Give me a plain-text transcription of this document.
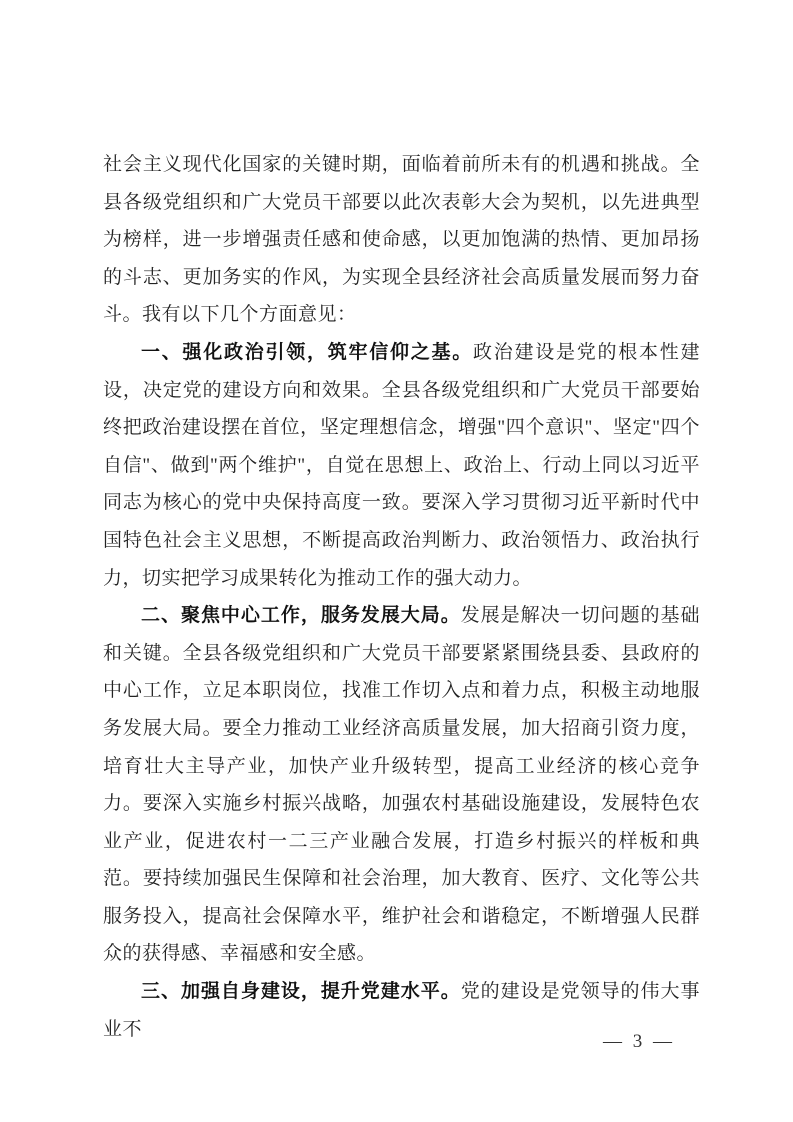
社会主义现代化国家的关键时期，面临着前所未有的机遇和挑战。全县各级党组织和广大党员干部要以此次表彰大会为契机，以先进典型为榜样，进一步增强责任感和使命感，以更加饱满的热情、更加昂扬的斗志、更加务实的作风，为实现全县经济社会高质量发展而努力奋斗。我有以下几个方面意见：

一、强化政治引领，筑牢信仰之基。政治建设是党的根本性建设，决定党的建设方向和效果。全县各级党组织和广大党员干部要始终把政治建设摆在首位，坚定理想信念，增强"四个意识"、坚定"四个自信"、做到"两个维护"，自觉在思想上、政治上、行动上同以习近平同志为核心的党中央保持高度一致。要深入学习贯彻习近平新时代中国特色社会主义思想，不断提高政治判断力、政治领悟力、政治执行力，切实把学习成果转化为推动工作的强大动力。

二、聚焦中心工作，服务发展大局。发展是解决一切问题的基础和关键。全县各级党组织和广大党员干部要紧紧围绕县委、县政府的中心工作，立足本职岗位，找准工作切入点和着力点，积极主动地服务发展大局。要全力推动工业经济高质量发展，加大招商引资力度，培育壮大主导产业，加快产业升级转型，提高工业经济的核心竞争力。要深入实施乡村振兴战略，加强农村基础设施建设，发展特色农业产业，促进农村一二三产业融合发展，打造乡村振兴的样板和典范。要持续加强民生保障和社会治理，加大教育、医疗、文化等公共服务投入，提高社会保障水平，维护社会和谐稳定，不断增强人民群众的获得感、幸福感和安全感。

三、加强自身建设，提升党建水平。党的建设是党领导的伟大事业不

— 3 —
